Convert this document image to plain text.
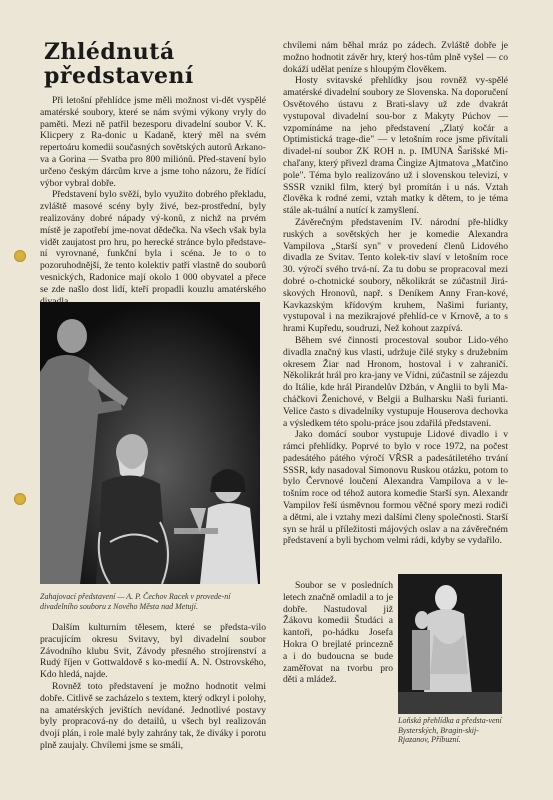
Zhlédnutá představení

Při letošní přehlídce jsme měli možnost vi-dět vyspělé amatérské soubory, které se nám svými výkony vryly do paměti. Mezi ně patřil bezesporu divadelní soubor V. K. Klicpery z Ra-donic u Kadaně, který měl na svém repertoáru komedii současných sovětských autorů Arkano-va a Gorina — Svatba pro 800 miliónů. Před-stavení bylo určeno českým dárcům krve a jsme toho názoru, že řídící výbor vybral dobře.

Představení bylo svěží, bylo využito dobrého překladu, zvláště masové scény byly živé, bez-prostřední, byly realizovány dobré nápady vý-konů, z nichž na prvém místě je zapotřebí jme-novat dědečka. Na všech však byla vidět zaujatost pro hru, po herecké stránce bylo představe-ní vyrovnané, funkční byla i scéna. Je to o to pozoruhodnější, že tento kolektiv patří vlastně do souborů vesnických, Radonice mají okolo 1 000 obyvatel a přece se zde našlo dost lidí, kteří propadli kouzlu amatérského

Zahajovací představení — A. P. Čechov Racek v provede-ní divadelního souboru z Nového Města nad Metují.

Dalším kulturním tělesem, které se předsta-vilo pracujícím okresu Svitavy, byl divadelní soubor Závodního klubu Svit, Závody přesného strojírenství a Rudý říjen v Gottwaldově s ko-medií A. N. Ostrovského, Kdo hledá, najde.

Rovněž toto představení je možno hodnotit velmi dobře. Citlivě se zacházelo s textem, který odkryl i polohy, na amatérských jevištích nevídané. Jednotlivé postavy byly propracová-ny do detailů, u všech byl realizován dvojí plán, i role malé byly zahrány tak, že diváky i porotu plně zaujaly. Chvílemi jsme se smáli,

chvílemi nám běhal mráz po zádech. Zvláště dobře je možno hodnotit závěr hry, který hos-tům plně vyšel — co dokáží udělat peníze s hloupým člověkem.

Hosty svitavské přehlídky jsou rovněž vy-spělé amatérské divadelní soubory ze Slovenska. Na doporučení Osvětového ústavu z Brati-slavy už zde dvakrát vystupoval divadelní sou-bor z Makyty Púchov — vzpomínáme na jeho představení „Zlatý kočár a Optimistická trage-die" — v letošním roce jsme přivítali divadel-ní soubor ZK ROH n. p. IMUNA Šarišské Mi-chaľany, který přivezl drama Čingize Ajtmatova „Matčino pole". Téma bylo realizováno už i slovenskou televizí, v SSSR vznikl film, který byl promítán i u nás. Vztah člověka k rodné zemi, vztah matky k dětem, to je téma stále ak-tuální a nutící k zamyšlení.

Závěrečným představením IV. národní pře-hlídky ruských a sovětských her je komedie Alexandra Vampilova „Starší syn" v provedení členů Lidového divadla ze Svitav. Tento kolek-tiv slaví v letošním roce 30. výročí svého trvá-ní. Za tu dobu se propracoval mezi dobré o-chotnické soubory, několikrát se zúčastnil Jirá-skových Hronovů, např. s Deníkem Anny Fran-kové, Kavkazským křídovým kruhem, Našimi furianty, vystupoval i na mezikrajové přehlíd-ce v Krnově, a to s hrami Kupředu, soudruzi, Než kohout zazpívá.

Během své činnosti procestoval soubor Lido-vého divadla značný kus vlasti, udržuje čilé styky s družebním okresem Žiar nad Hronom, hostoval i v zahraničí. Několikrát hrál pro kra-jany ve Vídni, zúčastnil se zájezdu do Itálie, kde hrál Pirandelův Džbán, v Anglii to byli Ma-cháčkovi Ženichové, v Belgii a Bulharsku Naši furianti. Velice často s divadelníky vystupuje Houserova dechovka a výsledkem této spolu-práce jsou zdařilá představení.

Jako domácí soubor vystupuje Lidové divadlo i v rámci přehlídky. Poprvé to bylo v roce 1972, na počest padesátého pátého výročí VŘSR a padesátiletého trvání SSSR, kdy nasadoval Simonovu Ruskou otázku, potom to bylo Červnové loučení Alexandra Vampilova a v le-tošním roce od téhož autora komedie Starší syn. Alexandr Vampilov řeší úsměvnou formou věčné spory mezi rodiči a dětmi, ale i vztahy mezi dalšími členy společnosti. Starší syn se hrál u příležitosti májových oslav a na závěrečném představení a byli bychom velmi rádi, kdyby se vydařilo.

Soubor se v posledních letech značně omladil a to je dobře. Nastudoval již Žákovu komedii Študáci a kantoři, po-hádku Josefa Hokra O brejlaté princezně a i do budoucna se bude zaměřovat na tvorbu pro děti a mládež.

Loňská přehlídka a předsta-vení Bysterských, Bragin-skij-Rjazanov, Příbuzní.
